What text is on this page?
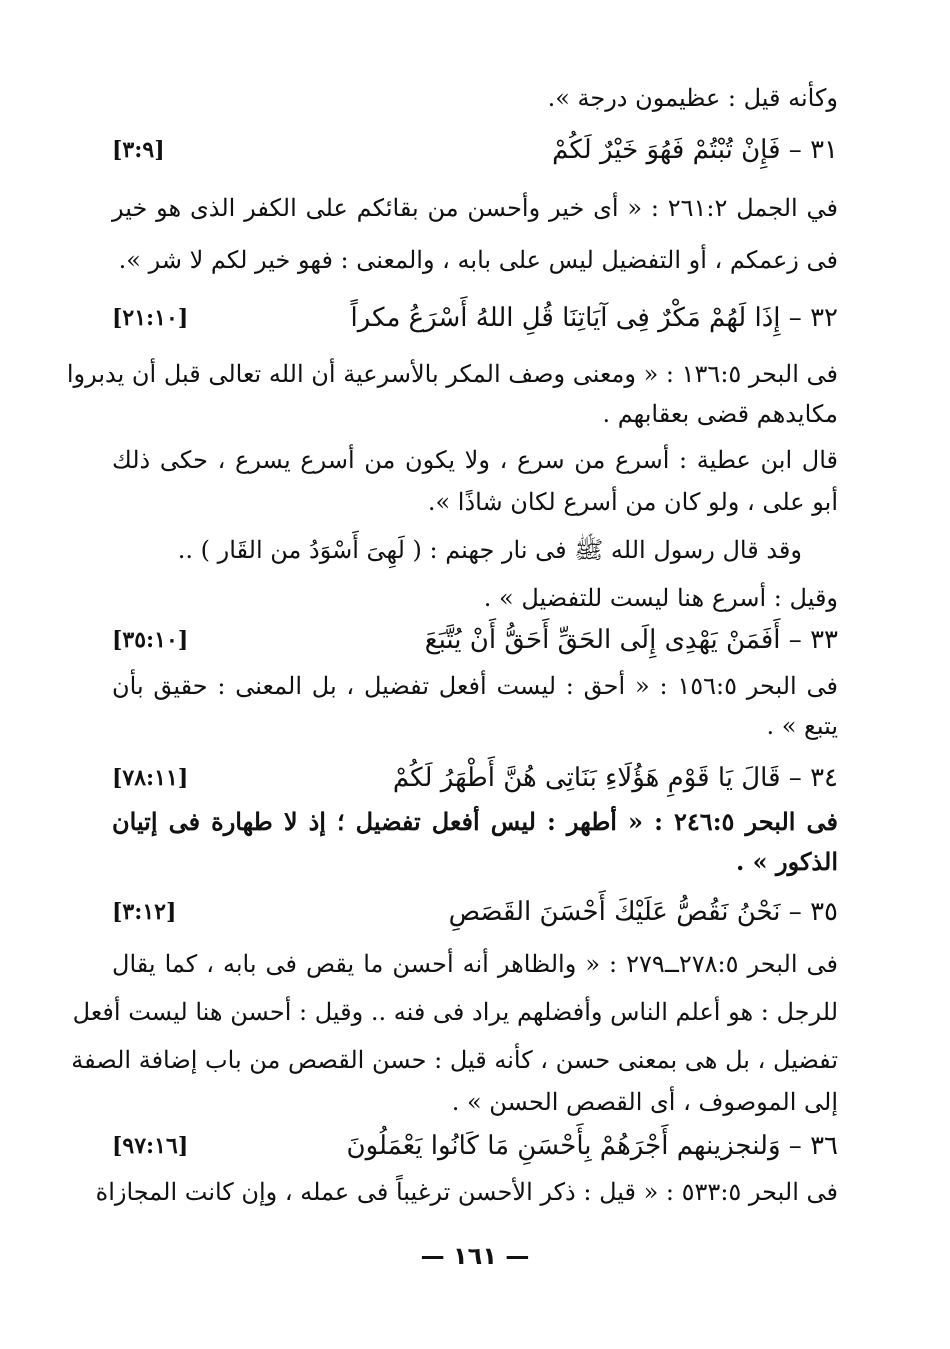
وكأنه قيل : عظيمون درجة ».
٣١ – فَإِنْ تُبْتُمْ فَهُوَ خَيْرٌ لَكُمْ
[٣:٩]
في الجمل ٢٦١:٢ : « أى خير وأحسن من بقائكم على الكفر الذى هو خير
فى زعمكم ، أو التفضيل ليس على بابه ، والمعنى : فهو خير لكم لا شر ».
٣٢ – إِذَا لَهُمْ مَكْرٌ فِى آيَاتِنَا قُلِ اللهُ أَسْرَعُ مكراً
[٢١:١٠]
فى البحر ١٣٦:٥ : « ومعنى وصف المكر بالأسرعية أن الله تعالى قبل أن يدبروا
مكايدهم قضى بعقابهم .
قال ابن عطية : أسرع من سرع ، ولا يكون من أسرع يسرع ، حكى ذلك
أبو على ، ولو كان من أسرع لكان شاذًا ».
وقد قال رسول الله ﷺ فى نار جهنم : ( لَهِىَ أَسْوَدُ من القَار ) ..
وقيل : أسرع هنا ليست للتفضيل » .
٣٣ – أَفَمَنْ يَهْدِى إِلَى الحَقِّ أَحَقُّ أَنْ يُتَّبَعَ
[٣٥:١٠]
فى البحر ١٥٦:٥ : « أحق : ليست أفعل تفضيل ، بل المعنى : حقيق بأن
يتبع » .
٣٤ – قَالَ يَا قَوْمِ هَؤُلَاءِ بَنَاتِى هُنَّ أَطْهَرُ لَكُمْ
[٧٨:١١]
فى البحر ٢٤٦:٥ : « أطهر : ليس أفعل تفضيل ؛ إذ لا طهارة فى إتيان
الذكور » .
٣٥ – نَحْنُ نَقُصُّ عَلَيْكَ أَحْسَنَ القَصَصِ
[٣:١٢]
فى البحر ٢٧٨:٥ــ٢٧٩ : « والظاهر أنه أحسن ما يقص فى بابه ، كما يقال
للرجل : هو أعلم الناس وأفضلهم يراد فى فنه .. وقيل : أحسن هنا ليست أفعل
تفضيل ، بل هى بمعنى حسن ، كأنه قيل : حسن القصص من باب إضافة الصفة
إلى الموصوف ، أى القصص الحسن » .
٣٦ – وَلنجزينهم أَجْرَهُمْ بِأَحْسَنِ مَا كَانُوا يَعْمَلُونَ
[٩٧:١٦]
فى البحر ٥٣٣:٥ : « قيل : ذكر الأحسن ترغيباً فى عمله ، وإن كانت المجازاة
— ١٦١ —
